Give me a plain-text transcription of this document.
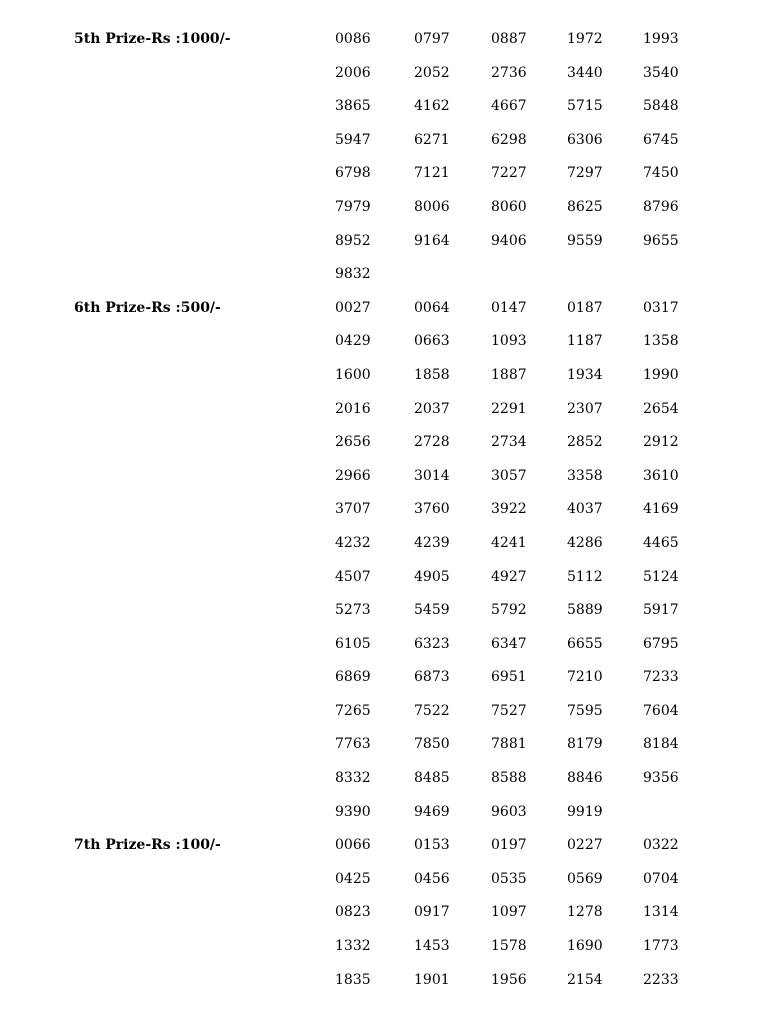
5th Prize-Rs :1000/-	0086	0797	0887	1972	1993
2006	2052	2736	3440	3540
3865	4162	4667	5715	5848
5947	6271	6298	6306	6745
6798	7121	7227	7297	7450
7979	8006	8060	8625	8796
8952	9164	9406	9559	9655
9832
6th Prize-Rs :500/-	0027	0064	0147	0187	0317
0429	0663	1093	1187	1358
1600	1858	1887	1934	1990
2016	2037	2291	2307	2654
2656	2728	2734	2852	2912
2966	3014	3057	3358	3610
3707	3760	3922	4037	4169
4232	4239	4241	4286	4465
4507	4905	4927	5112	5124
5273	5459	5792	5889	5917
6105	6323	6347	6655	6795
6869	6873	6951	7210	7233
7265	7522	7527	7595	7604
7763	7850	7881	8179	8184
8332	8485	8588	8846	9356
9390	9469	9603	9919
7th Prize-Rs :100/-	0066	0153	0197	0227	0322
0425	0456	0535	0569	0704
0823	0917	1097	1278	1314
1332	1453	1578	1690	1773
1835	1901	1956	2154	2233
